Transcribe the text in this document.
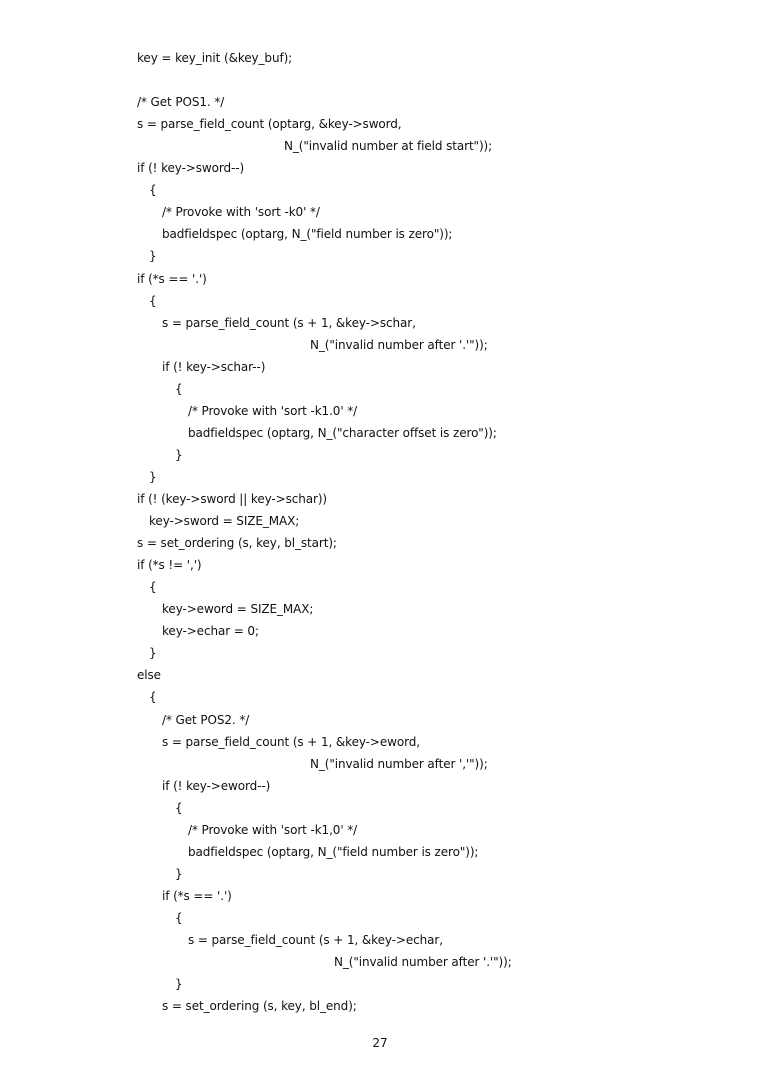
key = key_init (&key_buf);
/* Get POS1. */
s = parse_field_count (optarg, &key->sword,
N_("invalid number at field start"));
if (! key->sword--)
{
/* Provoke with 'sort -k0' */
badfieldspec (optarg, N_("field number is zero"));
}
if (*s == '.')
{
s = parse_field_count (s + 1, &key->schar,
N_("invalid number after '.'"));
if (! key->schar--)
{
/* Provoke with 'sort -k1.0' */
badfieldspec (optarg, N_("character offset is zero"));
}
}
if (! (key->sword || key->schar))
key->sword = SIZE_MAX;
s = set_ordering (s, key, bl_start);
if (*s != ',')
{
key->eword = SIZE_MAX;
key->echar = 0;
}
else
{
/* Get POS2. */
s = parse_field_count (s + 1, &key->eword,
N_("invalid number after ','"));
if (! key->eword--)
{
/* Provoke with 'sort -k1,0' */
badfieldspec (optarg, N_("field number is zero"));
}
if (*s == '.')
{
s = parse_field_count (s + 1, &key->echar,
N_("invalid number after '.'"));
}
s = set_ordering (s, key, bl_end);
27
